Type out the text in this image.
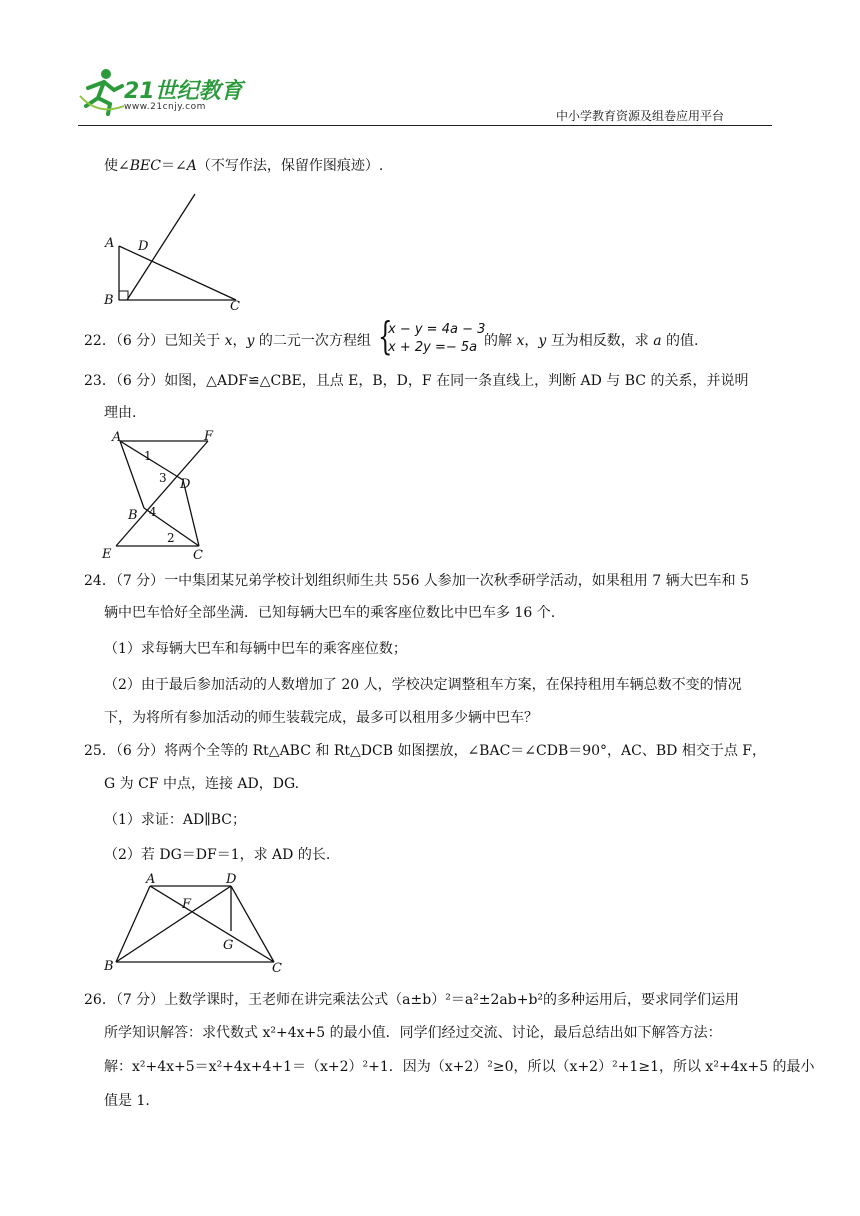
21世纪教育
www.21cnjy.com
中小学教育资源及组卷应用平台
使∠BEC＝∠A（不写作法，保留作图痕迹）.
A
B	C
D
22．（6 分）已知关于 x，y 的二元一次方程组 {
x − y = 4a − 3
x + 2y =− 5a 的解 x，y 互为相反数，求 a 的值.
23．（6 分）如图，△ADF≌△CBE，且点 E，B，D，F 在同一条直线上，判断 AD 与 BC 的关系，并说明
理由.
A	F
D
B
E	C
1
3
4
2
24．（7 分）一中集团某兄弟学校计划组织师生共 556 人参加一次秋季研学活动，如果租用 7 辆大巴车和 5
辆中巴车恰好全部坐满．已知每辆大巴车的乘客座位数比中巴车多 16 个.
（1）求每辆大巴车和每辆中巴车的乘客座位数；
（2）由于最后参加活动的人数增加了 20 人，学校决定调整租车方案，在保持租用车辆总数不变的情况
下，为将所有参加活动的师生装载完成，最多可以租用多少辆中巴车？
25．（6 分）将两个全等的 Rt△ABC 和 Rt△DCB 如图摆放，∠BAC＝∠CDB＝90°，AC、BD 相交于点 F，
G 为 CF 中点，连接 AD，DG.
（1）求证：AD∥BC；
（2）若 DG＝DF＝1，求 AD 的长.
A	D
F
G
B	C
26．（7 分）上数学课时，王老师在讲完乘法公式（a±b）²＝a²±2ab+b²的多种运用后，要求同学们运用
所学知识解答：求代数式 x²+4x+5 的最小值．同学们经过交流、讨论，最后总结出如下解答方法：
解：x²+4x+5＝x²+4x+4+1＝（x+2）²+1．因为（x+2）²≥0，所以（x+2）²+1≥1，所以 x²+4x+5 的最小
值是 1.
